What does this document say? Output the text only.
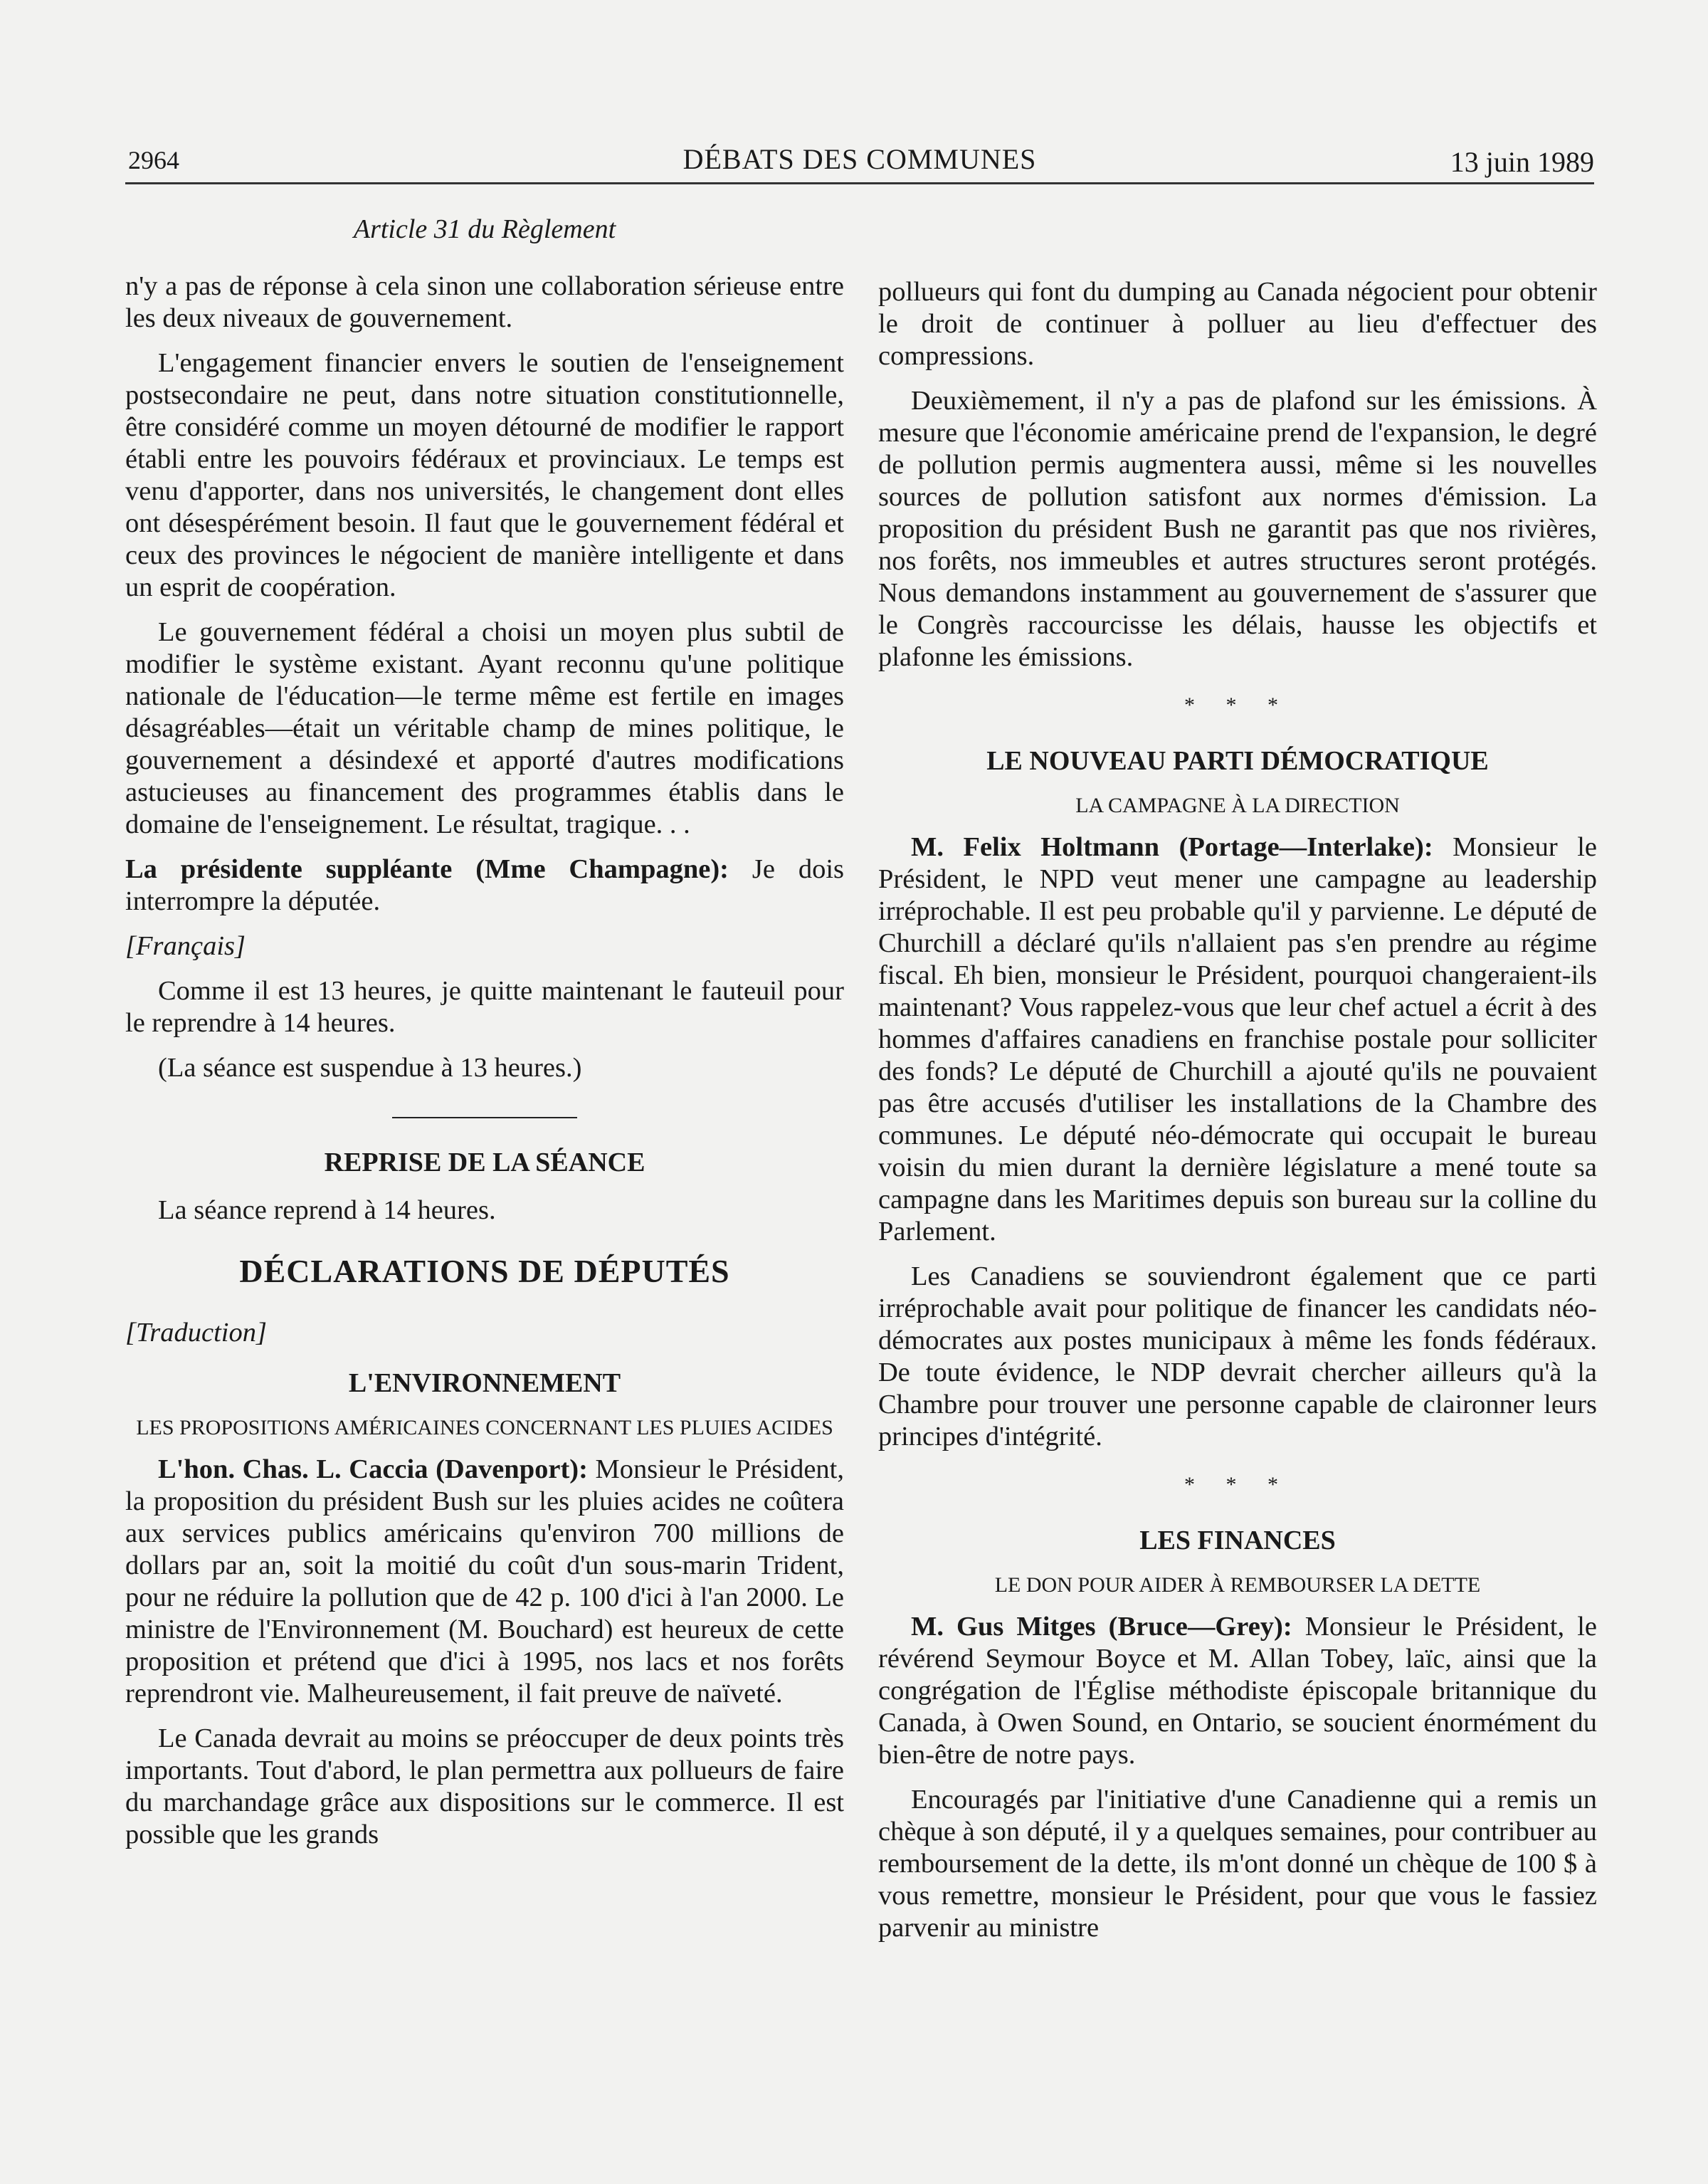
2964	DÉBATS DES COMMUNES	13 juin 1989
Article 31 du Règlement

n'y a pas de réponse à cela sinon une collaboration sérieuse entre les deux niveaux de gouvernement.

L'engagement financier envers le soutien de l'enseignement postsecondaire ne peut, dans notre situation constitutionnelle, être considéré comme un moyen détourné de modifier le rapport établi entre les pouvoirs fédéraux et provinciaux. Le temps est venu d'apporter, dans nos universités, le changement dont elles ont désespérément besoin. Il faut que le gouvernement fédéral et ceux des provinces le négocient de manière intelligente et dans un esprit de coopération.

Le gouvernement fédéral a choisi un moyen plus subtil de modifier le système existant. Ayant reconnu qu'une politique nationale de l'éducation—le terme même est fertile en images désagréables—était un véritable champ de mines politique, le gouvernement a désindexé et apporté d'autres modifications astucieuses au financement des programmes établis dans le domaine de l'enseignement. Le résultat, tragique. . .

La présidente suppléante (Mme Champagne): Je dois interrompre la députée.

[Français]

Comme il est 13 heures, je quitte maintenant le fauteuil pour le reprendre à 14 heures.

(La séance est suspendue à 13 heures.)

REPRISE DE LA SÉANCE

La séance reprend à 14 heures.

DÉCLARATIONS DE DÉPUTÉS
[Traduction]
L'ENVIRONNEMENT
LES PROPOSITIONS AMÉRICAINES CONCERNANT LES PLUIES ACIDES

L'hon. Chas. L. Caccia (Davenport): Monsieur le Président, la proposition du président Bush sur les pluies acides ne coûtera aux services publics américains qu'environ 700 millions de dollars par an, soit la moitié du coût d'un sous-marin Trident, pour ne réduire la pollution que de 42 p. 100 d'ici à l'an 2000. Le ministre de l'Environnement (M. Bouchard) est heureux de cette proposition et prétend que d'ici à 1995, nos lacs et nos forêts reprendront vie. Malheureusement, il fait preuve de naïveté.

Le Canada devrait au moins se préoccuper de deux points très importants. Tout d'abord, le plan permettra aux pollueurs de faire du marchandage grâce aux dispositions sur le commerce. Il est possible que les grands

pollueurs qui font du dumping au Canada négocient pour obtenir le droit de continuer à polluer au lieu d'effectuer des compressions.

Deuxièmement, il n'y a pas de plafond sur les émissions. À mesure que l'économie américaine prend de l'expansion, le degré de pollution permis augmentera aussi, même si les nouvelles sources de pollution satisfont aux normes d'émission. La proposition du président Bush ne garantit pas que nos rivières, nos forêts, nos immeubles et autres structures seront protégés. Nous demandons instamment au gouvernement de s'assurer que le Congrès raccourcisse les délais, hausse les objectifs et plafonne les émissions.

* * *
LE NOUVEAU PARTI DÉMOCRATIQUE
LA CAMPAGNE À LA DIRECTION

M. Felix Holtmann (Portage—Interlake): Monsieur le Président, le NPD veut mener une campagne au leadership irréprochable. Il est peu probable qu'il y parvienne. Le député de Churchill a déclaré qu'ils n'allaient pas s'en prendre au régime fiscal. Eh bien, monsieur le Président, pourquoi changeraient-ils maintenant? Vous rappelez-vous que leur chef actuel a écrit à des hommes d'affaires canadiens en franchise postale pour solliciter des fonds? Le député de Churchill a ajouté qu'ils ne pouvaient pas être accusés d'utiliser les installations de la Chambre des communes. Le député néo-démocrate qui occupait le bureau voisin du mien durant la dernière législature a mené toute sa campagne dans les Maritimes depuis son bureau sur la colline du Parlement.

Les Canadiens se souviendront également que ce parti irréprochable avait pour politique de financer les candidats néo-démocrates aux postes municipaux à même les fonds fédéraux. De toute évidence, le NDP devrait chercher ailleurs qu'à la Chambre pour trouver une personne capable de claironner leurs principes d'intégrité.

* * *
LES FINANCES
LE DON POUR AIDER À REMBOURSER LA DETTE

M. Gus Mitges (Bruce—Grey): Monsieur le Président, le révérend Seymour Boyce et M. Allan Tobey, laïc, ainsi que la congrégation de l'Église méthodiste épiscopale britannique du Canada, à Owen Sound, en Ontario, se soucient énormément du bien-être de notre pays.

Encouragés par l'initiative d'une Canadienne qui a remis un chèque à son député, il y a quelques semaines, pour contribuer au remboursement de la dette, ils m'ont donné un chèque de 100 $ à vous remettre, monsieur le Président, pour que vous le fassiez parvenir au ministre
